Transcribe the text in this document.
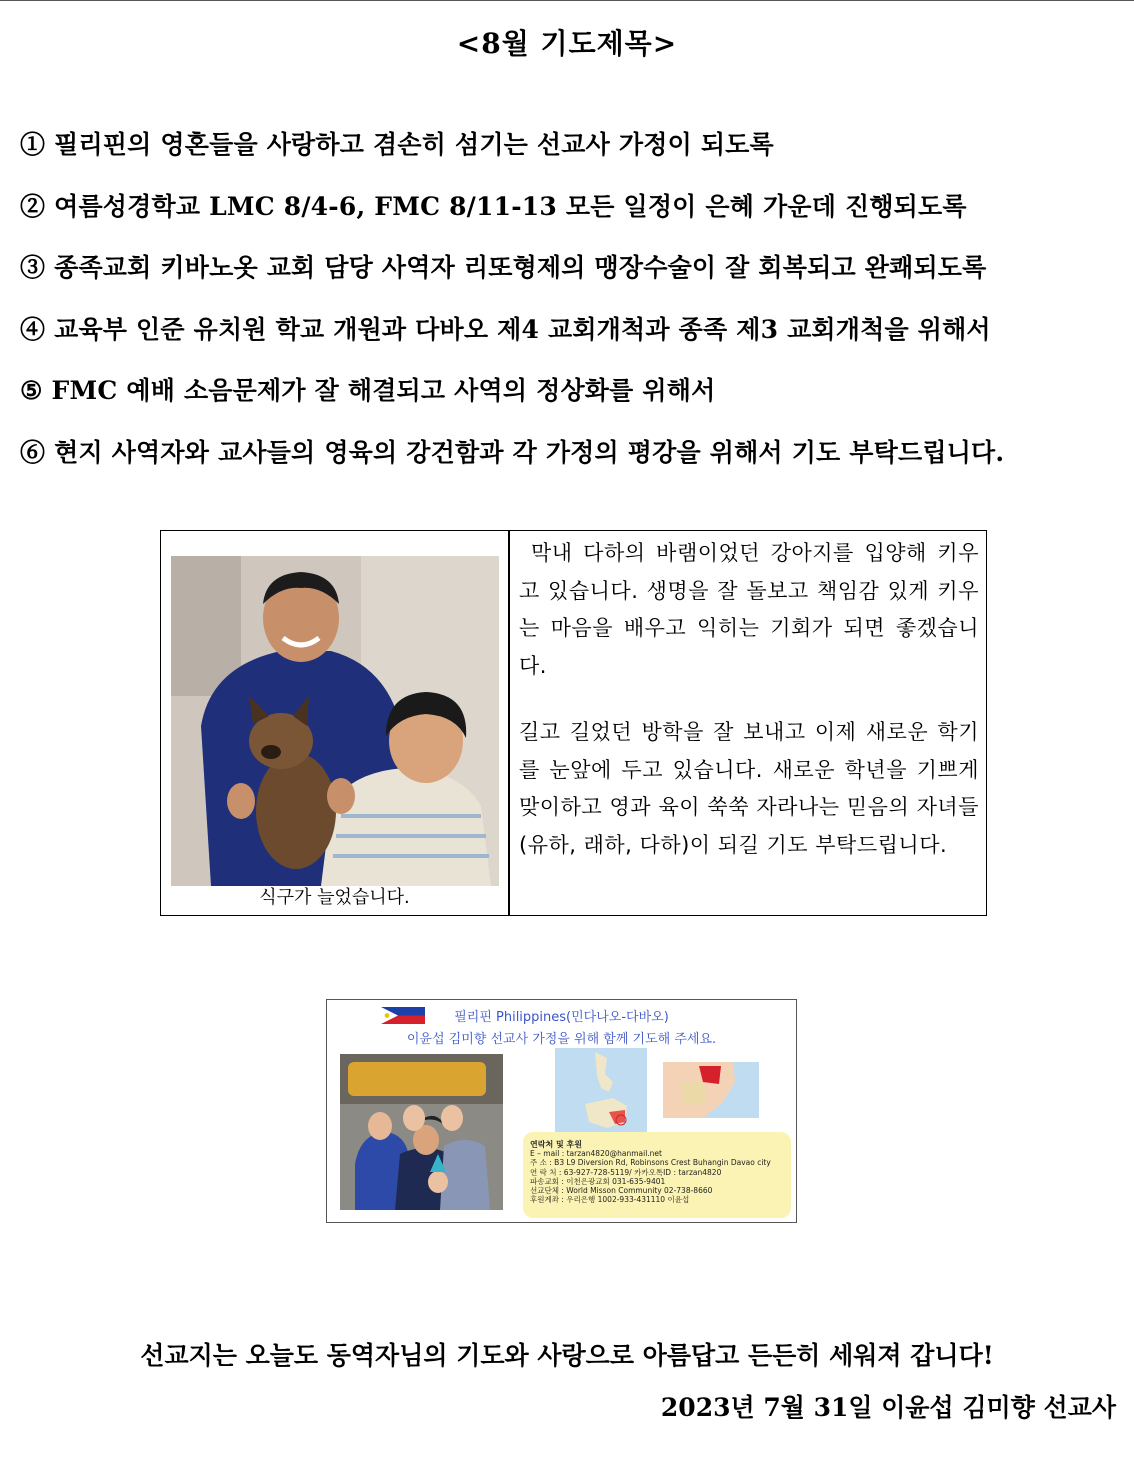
<8월 기도제목>
① 필리핀의 영혼들을 사랑하고 겸손히 섬기는 선교사 가정이 되도록
② 여름성경학교 LMC 8/4-6, FMC 8/11-13 모든 일정이 은혜 가운데 진행되도록
③ 종족교회 키바노옷 교회 담당 사역자 리또형제의 맹장수술이 잘 회복되고 완쾌되도록
④ 교육부 인준 유치원 학교 개원과 다바오 제4 교회개척과 종족 제3 교회개척을 위해서
⑤ FMC 예배 소음문제가 잘 해결되고 사역의 정상화를 위해서
⑥ 현지 사역자와 교사들의 영육의 강건함과 각 가정의 평강을 위해서 기도 부탁드립니다.
식구가 늘었습니다.

막내 다하의 바램이었던 강아지를 입양해 키우고 있습니다. 생명을 잘 돌보고 책임감 있게 키우는 마음을 배우고 익히는 기회가 되면 좋겠습니다.

길고 길었던 방학을 잘 보내고 이제 새로운 학기를 눈앞에 두고 있습니다. 새로운 학년을 기쁘게 맞이하고 영과 육이 쑥쑥 자라나는 믿음의 자녀들(유하, 래하, 다하)이 되길 기도 부탁드립니다.

필리핀 Philippines(민다나오-다바오)
이윤섭 김미향 선교사 가정을 위해 함께 기도해 주세요.
연락처 및 후원
E – mail : tarzan4820@hanmail.net
주 소 : B3 L9 Diversion Rd, Robinsons Crest Buhangin Davao city
연 락 처 : 63-927-728-5119/ 카카오톡ID : tarzan4820
파송교회 : 이천은광교회 031-635-9401
선교단체 : World Misson Community 02-738-8660
후원계좌 : 우리은행 1002-933-431110 이윤섭
선교지는 오늘도 동역자님의 기도와 사랑으로 아름답고 든든히 세워져 갑니다!
2023년 7월 31일 이윤섭 김미향 선교사
